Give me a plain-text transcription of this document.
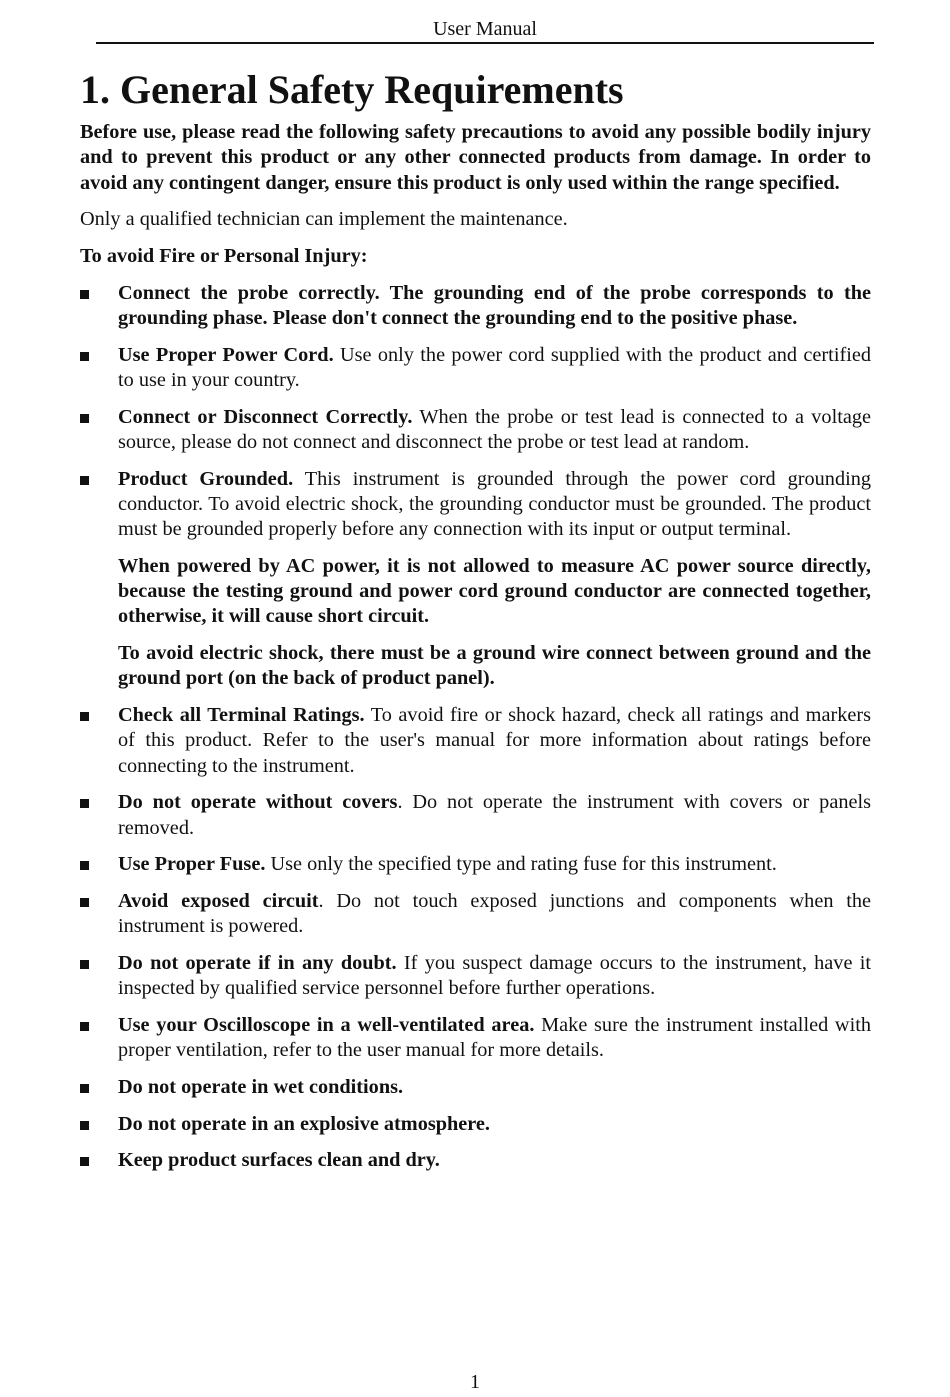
User Manual
1. General Safety Requirements

Before use, please read the following safety precautions to avoid any possible bodily injury and to prevent this product or any other connected products from damage. In order to avoid any contingent danger, ensure this product is only used within the range specified.

Only a qualified technician can implement the maintenance.

To avoid Fire or Personal Injury:

Connect the probe correctly. The grounding end of the probe corresponds to the grounding phase. Please don't connect the grounding end to the positive phase.
Use Proper Power Cord. Use only the power cord supplied with the product and certified to use in your country.
Connect or Disconnect Correctly. When the probe or test lead is connected to a voltage source, please do not connect and disconnect the probe or test lead at random.
Product Grounded. This instrument is grounded through the power cord grounding conductor. To avoid electric shock, the grounding conductor must be grounded. The product must be grounded properly before any connection with its input or output terminal.

When powered by AC power, it is not allowed to measure AC power source directly, because the testing ground and power cord ground conductor are connected together, otherwise, it will cause short circuit.

To avoid electric shock, there must be a ground wire connect between ground and the ground port (on the back of product panel).

Check all Terminal Ratings. To avoid fire or shock hazard, check all ratings and markers of this product. Refer to the user's manual for more information about ratings before connecting to the instrument.
Do not operate without covers. Do not operate the instrument with covers or panels removed.
Use Proper Fuse. Use only the specified type and rating fuse for this instrument.
Avoid exposed circuit. Do not touch exposed junctions and components when the instrument is powered.
Do not operate if in any doubt. If you suspect damage occurs to the instrument, have it inspected by qualified service personnel before further operations.
Use your Oscilloscope in a well-ventilated area. Make sure the instrument installed with proper ventilation, refer to the user manual for more details.
Do not operate in wet conditions.
Do not operate in an explosive atmosphere.
Keep product surfaces clean and dry.
1
